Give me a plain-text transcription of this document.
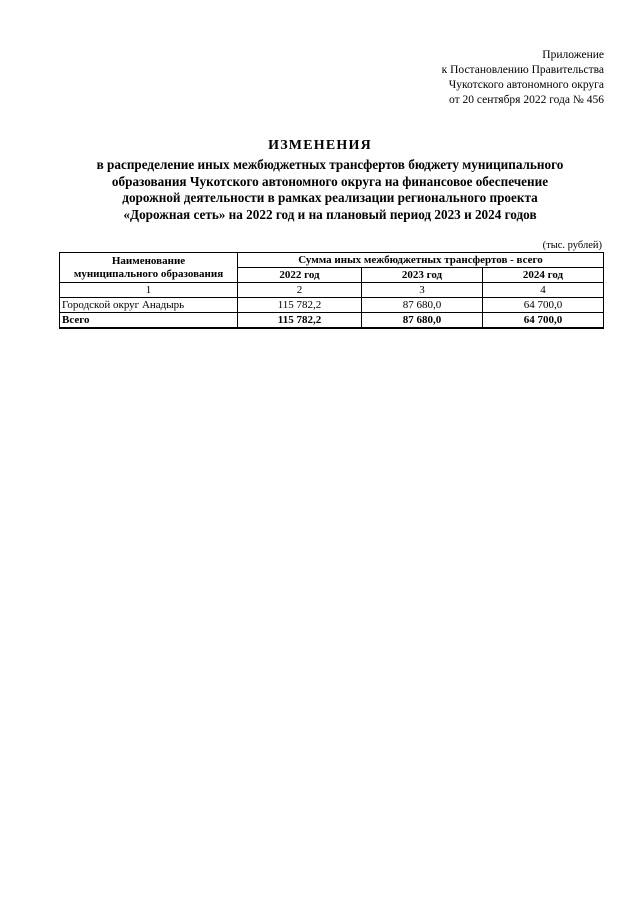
Приложение
к Постановлению Правительства
Чукотского автономного округа
от 20 сентября 2022 года № 456
ИЗМЕНЕНИЯ
в распределение иных межбюджетных трансфертов бюджету муниципального
образования Чукотского автономного округа на финансовое обеспечение
дорожной деятельности в рамках реализации регионального проекта
«Дорожная сеть» на 2022 год и на плановый период 2023 и 2024 годов
(тыс. рублей)
Наименование
муниципального образования	Сумма иных межбюджетных трансфертов - всего		
	2022 год	2023 год	2024 год
1	2	3	4
Городской округ Анадырь	115 782,2	87 680,0	64 700,0
Всего	115 782,2	87 680,0	64 700,0
